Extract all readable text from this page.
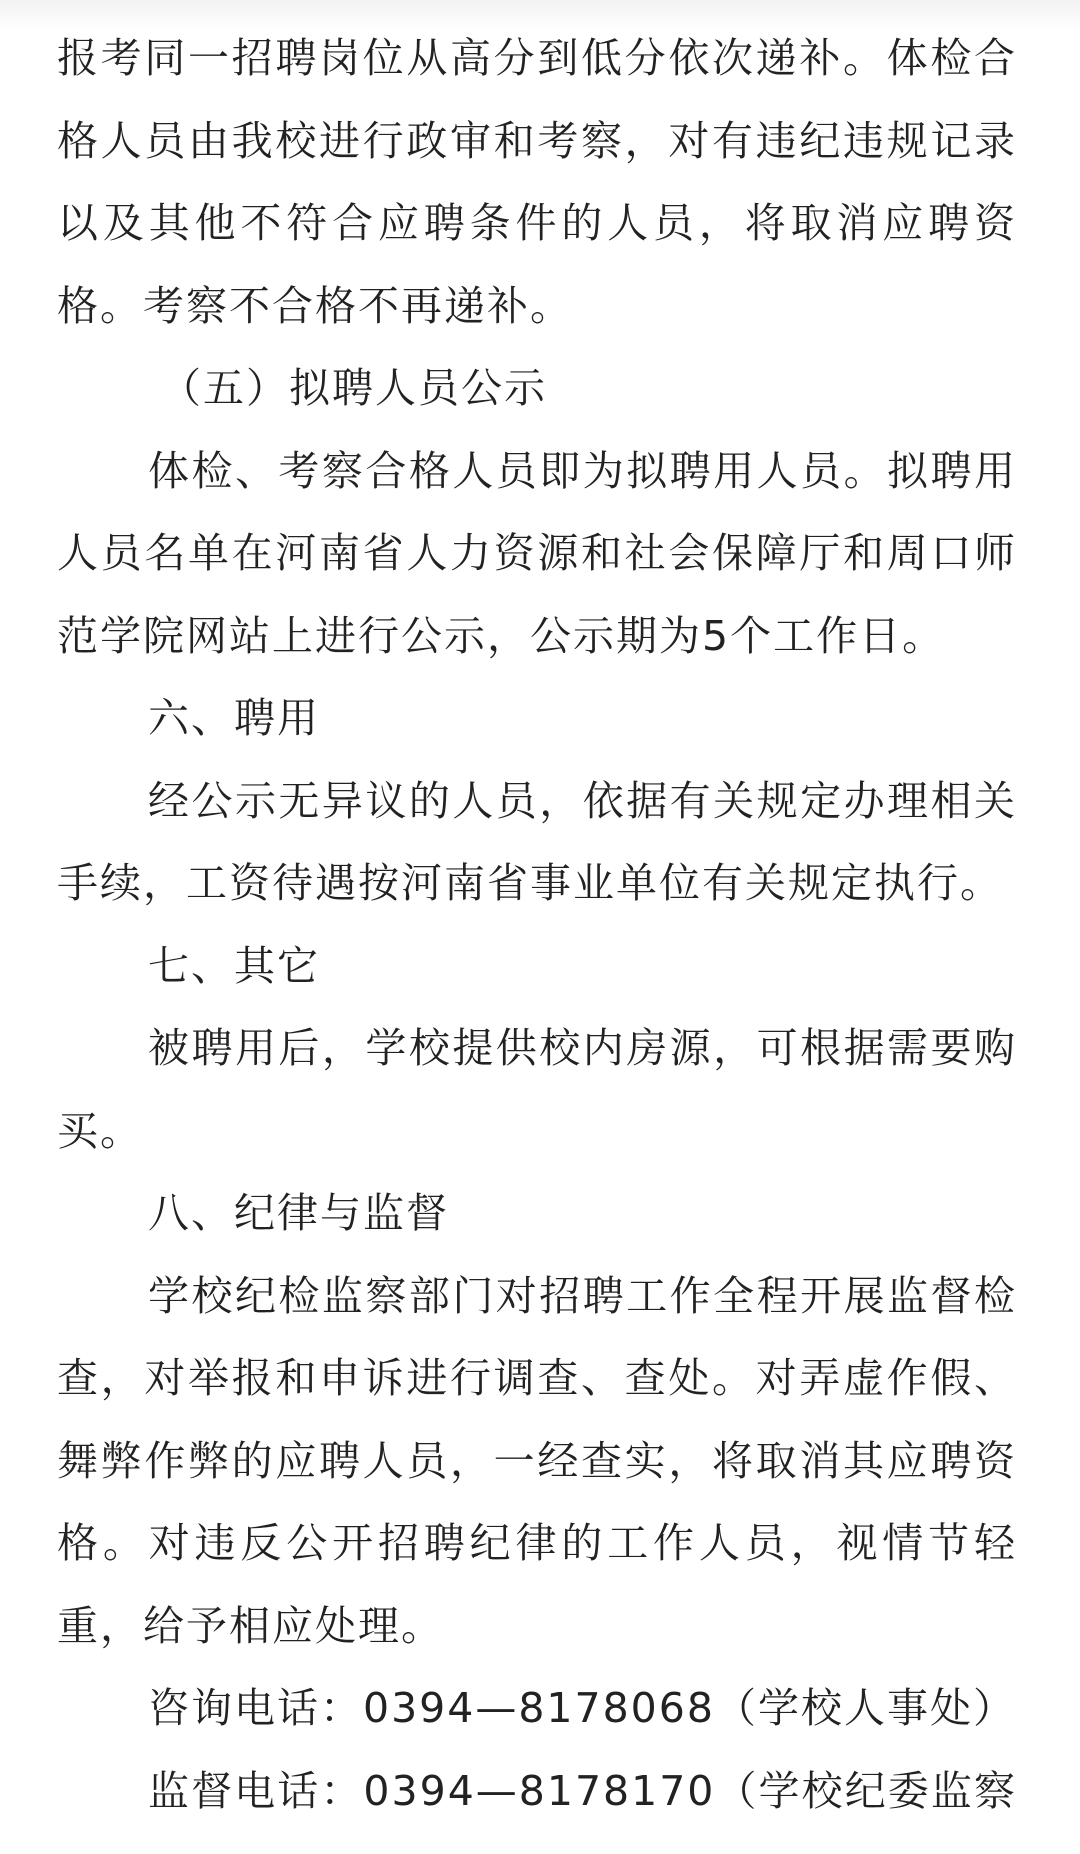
报考同一招聘岗位从高分到低分依次递补。体检合
格人员由我校进行政审和考察，对有违纪违规记录
以及其他不符合应聘条件的人员，将取消应聘资
格。考察不合格不再递补。
（五）拟聘人员公示
体检、考察合格人员即为拟聘用人员。拟聘用
人员名单在河南省人力资源和社会保障厅和周口师
范学院网站上进行公示，公示期为5个工作日。
六、聘用
经公示无异议的人员，依据有关规定办理相关
手续，工资待遇按河南省事业单位有关规定执行。
七、其它
被聘用后，学校提供校内房源，可根据需要购
买。
八、纪律与监督
学校纪检监察部门对招聘工作全程开展监督检
查，对举报和申诉进行调查、查处。对弄虚作假、
舞弊作弊的应聘人员，一经查实，将取消其应聘资
格。对违反公开招聘纪律的工作人员，视情节轻
重，给予相应处理。
咨询电话：0394—8178068（学校人事处）
监督电话：0394—8178170（学校纪委监察
